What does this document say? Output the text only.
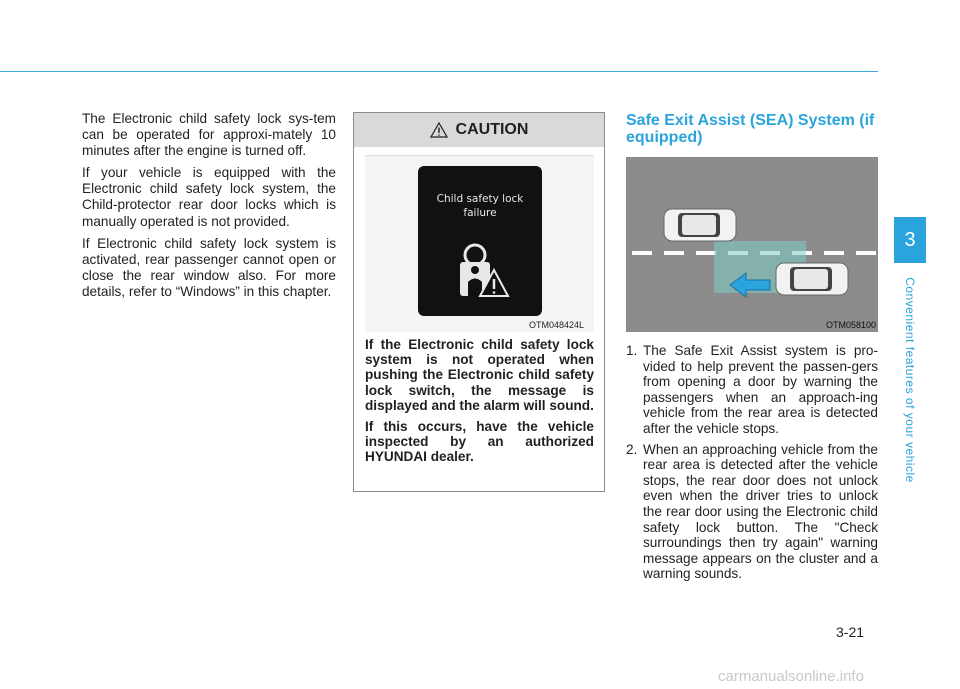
The Electronic child safety lock sys-tem can be operated for approxi-mately 10 minutes after the engine is turned off.

If your vehicle is equipped with the Electronic child safety lock system, the Child-protector rear door locks which is manually operated is not provided.

If Electronic child safety lock system is activated, rear passenger cannot open or close the rear window also. For more details, refer to “Windows” in this chapter.

CAUTION
Child safety lock
failure
OTM048424L

If the Electronic child safety lock system is not operated when pushing the Electronic child safety lock switch, the message is displayed and the alarm will sound.

If this occurs, have the vehicle inspected by an authorized HYUNDAI dealer.

Safe Exit Assist (SEA) System (if equipped)
OTM058100
1. The Safe Exit Assist system is pro-vided to help prevent the passen-gers from opening a door by warning the passengers when an approach-ing vehicle from the rear area is detected after the vehicle stops.
2. When an approaching vehicle from the rear area is detected after the vehicle stops, the rear door does not unlock even when the driver tries to unlock the rear door using the Electronic child safety lock button. The "Check surroundings then try again" warning message appears on the cluster and a warning sounds.
3
Convenient features of your vehicle
3-21
carmanualsonline.info
